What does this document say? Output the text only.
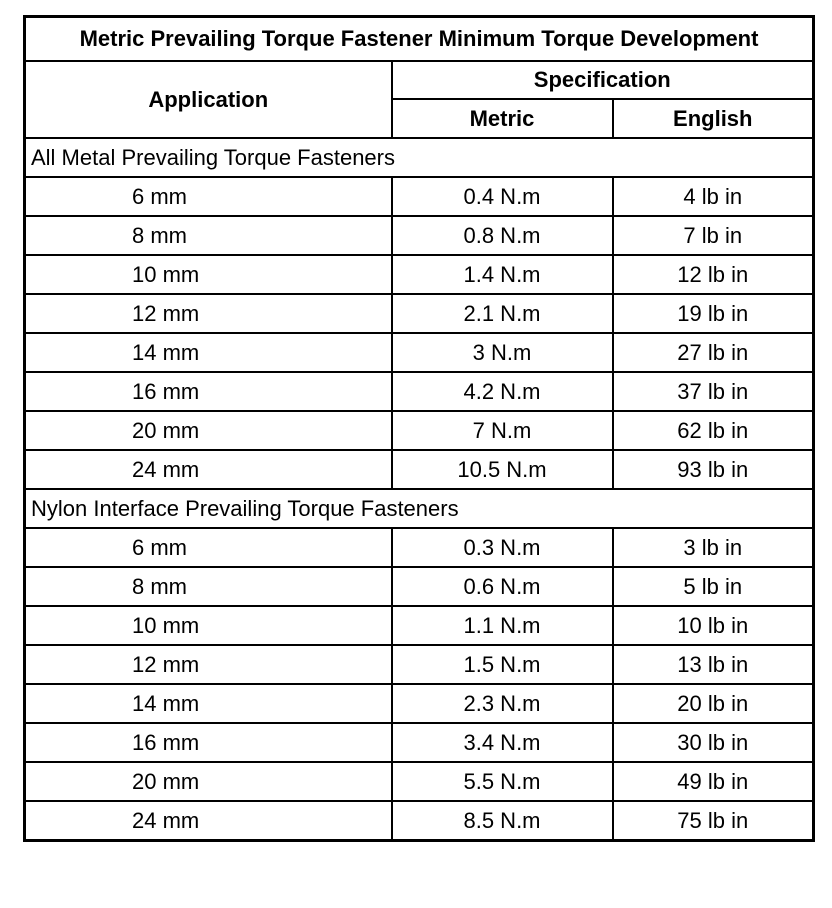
Metric Prevailing Torque Fastener Minimum Torque Development		
Application	Specification	
	Metric	English
All Metal Prevailing Torque Fasteners		
6 mm	0.4 N.m	4 lb in
8 mm	0.8 N.m	7 lb in
10 mm	1.4 N.m	12 lb in
12 mm	2.1 N.m	19 lb in
14 mm	3 N.m	27 lb in
16 mm	4.2 N.m	37 lb in
20 mm	7 N.m	62 lb in
24 mm	10.5 N.m	93 lb in
Nylon Interface Prevailing Torque Fasteners		
6 mm	0.3 N.m	3 lb in
8 mm	0.6 N.m	5 lb in
10 mm	1.1 N.m	10 lb in
12 mm	1.5 N.m	13 lb in
14 mm	2.3 N.m	20 lb in
16 mm	3.4 N.m	30 lb in
20 mm	5.5 N.m	49 lb in
24 mm	8.5 N.m	75 lb in
